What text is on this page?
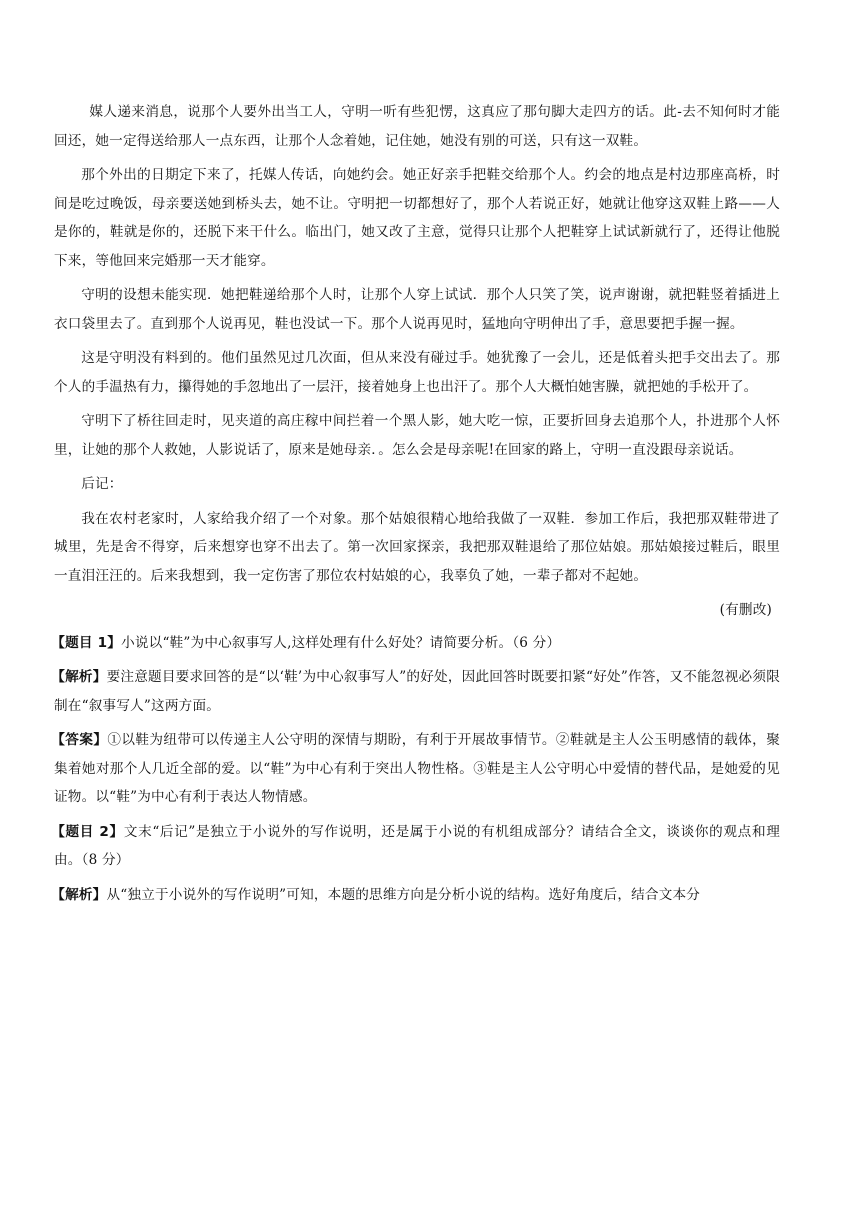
媒人递来消息，说那个人要外出当工人，守明一听有些犯愣，这真应了那句脚大走四方的话。此-去不知何时才能回还，她一定得送给那人一点东西，让那个人念着她，记住她，她没有别的可送，只有这一双鞋。

那个外出的日期定下来了，托媒人传话，向她约会。她正好亲手把鞋交给那个人。约会的地点是村边那座高桥，时间是吃过晚饭，母亲要送她到桥头去，她不让。守明把一切都想好了，那个人若说正好，她就让他穿这双鞋上路——人是你的，鞋就是你的，还脱下来干什么。临出门，她又改了主意，觉得只让那个人把鞋穿上试试新就行了，还得让他脱下来，等他回来完婚那一天才能穿。

守明的设想未能实现．她把鞋递给那个人时，让那个人穿上试试．那个人只笑了笑，说声谢谢，就把鞋竖着插进上衣口袋里去了。直到那个人说再见，鞋也没试一下。那个人说再见时，猛地向守明伸出了手，意思要把手握一握。

这是守明没有料到的。他们虽然见过几次面，但从来没有碰过手。她犹豫了一会儿，还是低着头把手交出去了。那个人的手温热有力，攥得她的手忽地出了一层汗，接着她身上也出汗了。那个人大概怕她害臊，就把她的手松开了。

守明下了桥往回走时，见夹道的高庄稼中间拦着一个黑人影，她大吃一惊，正要折回身去追那个人，扑进那个人怀里，让她的那个人救她，人影说话了，原来是她母亲．。怎么会是母亲呢!在回家的路上，守明一直没跟母亲说话。

后记：

我在农村老家时，人家给我介绍了一个对象。那个姑娘很精心地给我做了一双鞋．参加工作后，我把那双鞋带进了城里，先是舍不得穿，后来想穿也穿不出去了。第一次回家探亲，我把那双鞋退给了那位姑娘。那姑娘接过鞋后，眼里一直泪汪汪的。后来我想到，我一定伤害了那位农村姑娘的心，我辜负了她，一辈子都对不起她。

(有删改)

【题目 1】小说以“鞋”为中心叙事写人,这样处理有什么好处？请简要分析。（6 分）

【解析】要注意题目要求回答的是“以‘鞋’为中心叙事写人”的好处，因此回答时既要扣紧“好处”作答，又不能忽视必须限制在“叙事写人”这两方面。

【答案】①以鞋为纽带可以传递主人公守明的深情与期盼，有利于开展故事情节。②鞋就是主人公玉明感情的载体，聚集着她对那个人几近全部的爱。以“鞋”为中心有利于突出人物性格。③鞋是主人公守明心中爱情的替代品，是她爱的见证物。以“鞋”为中心有利于表达人物情感。

【题目 2】文末“后记”是独立于小说外的写作说明，还是属于小说的有机组成部分？请结合全文，谈谈你的观点和理由。（8 分）

【解析】从“独立于小说外的写作说明”可知，本题的思维方向是分析小说的结构。选好角度后，结合文本分
